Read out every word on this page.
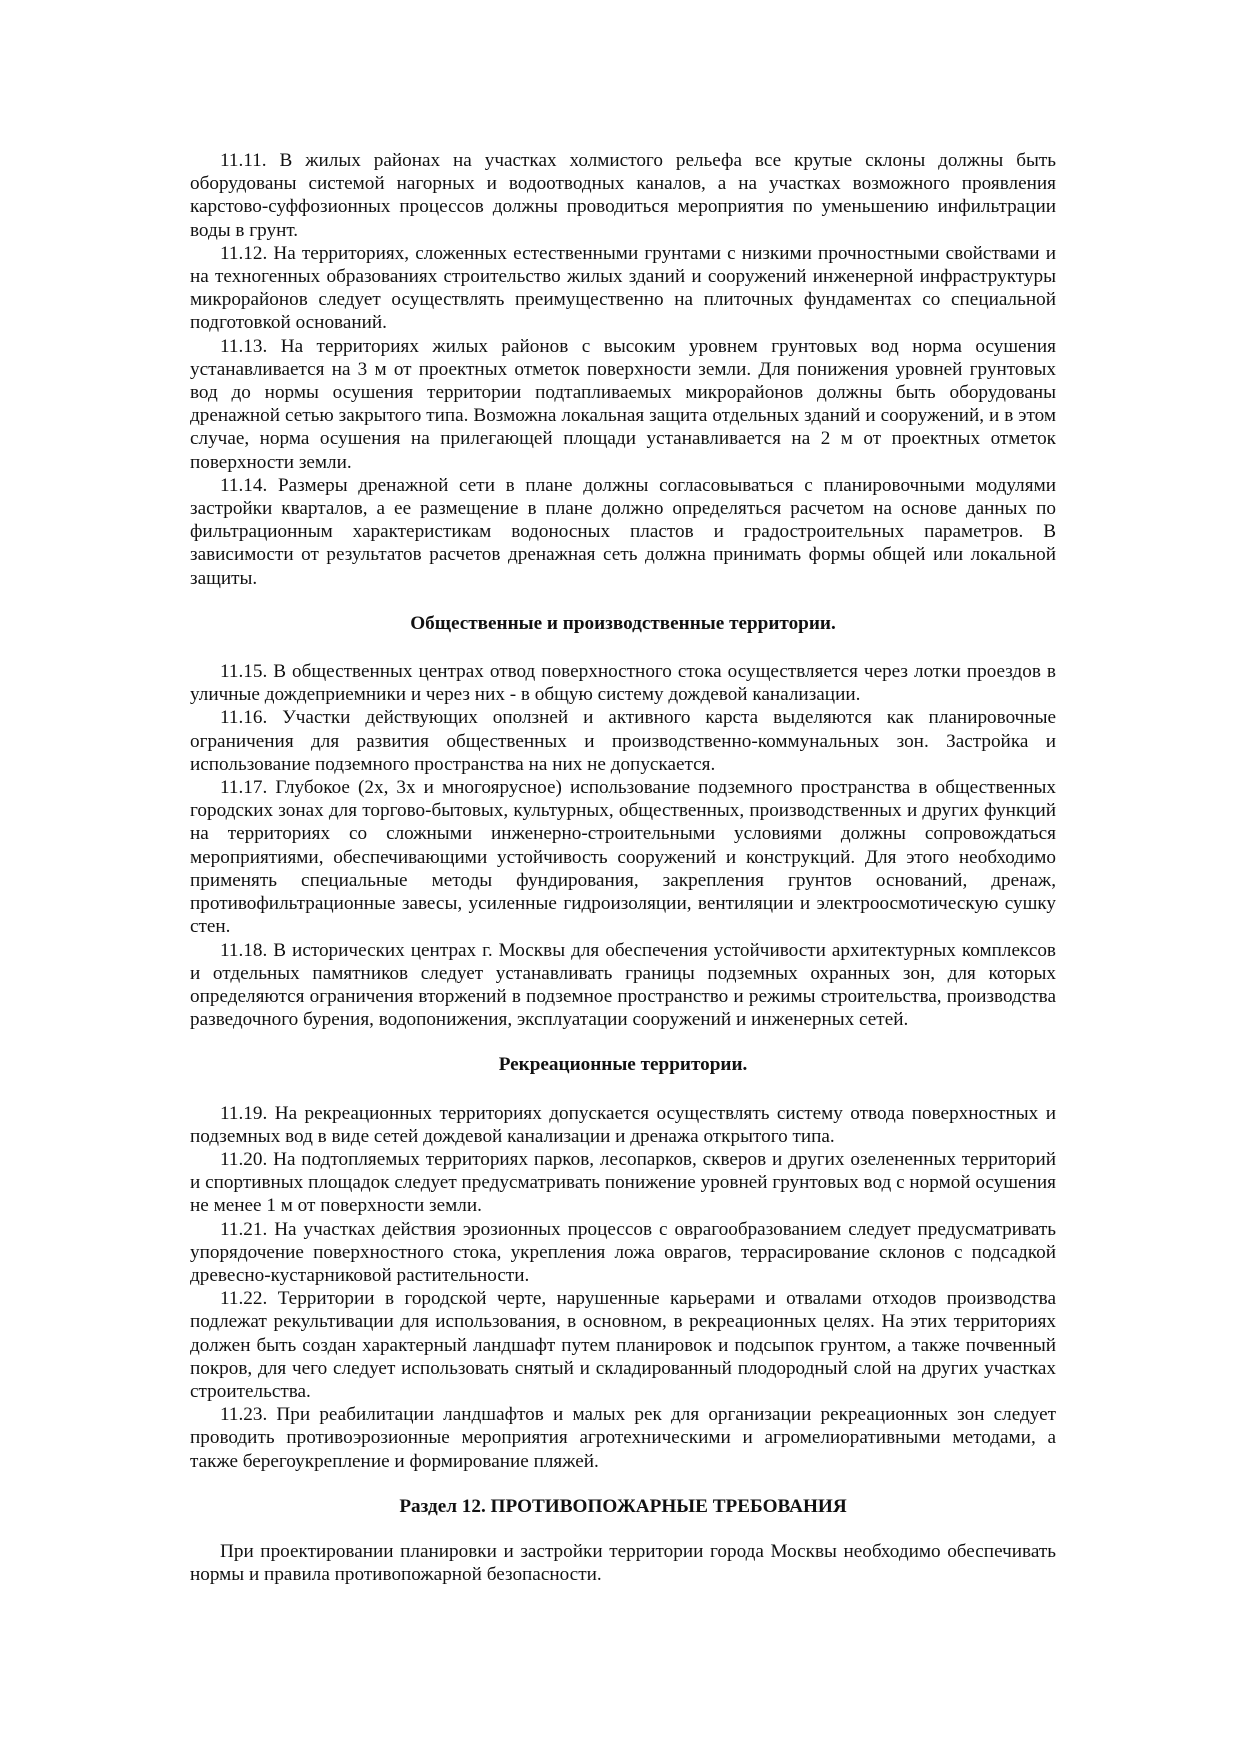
11.11. В жилых районах на участках холмистого рельефа все крутые склоны должны быть оборудованы системой нагорных и водоотводных каналов, а на участках возможного проявления карстово-суффозионных процессов должны проводиться мероприятия по уменьшению инфильтрации воды в грунт.

11.12. На территориях, сложенных естественными грунтами с низкими прочностными свойствами и на техногенных образованиях строительство жилых зданий и сооружений инженерной инфраструктуры микрорайонов следует осуществлять преимущественно на плиточных фундаментах со специальной подготовкой оснований.

11.13. На территориях жилых районов с высоким уровнем грунтовых вод норма осушения устанавливается на 3 м от проектных отметок поверхности земли. Для понижения уровней грунтовых вод до нормы осушения территории подтапливаемых микрорайонов должны быть оборудованы дренажной сетью закрытого типа. Возможна локальная защита отдельных зданий и сооружений, и в этом случае, норма осушения на прилегающей площади устанавливается на 2 м от проектных отметок поверхности земли.

11.14. Размеры дренажной сети в плане должны согласовываться с планировочными модулями застройки кварталов, а ее размещение в плане должно определяться расчетом на основе данных по фильтрационным характеристикам водоносных пластов и градостроительных параметров. В зависимости от результатов расчетов дренажная сеть должна принимать формы общей или локальной защиты.

Общественные и производственные территории.

11.15. В общественных центрах отвод поверхностного стока осуществляется через лотки проездов в уличные дождеприемники и через них - в общую систему дождевой канализации.

11.16. Участки действующих оползней и активного карста выделяются как планировочные ограничения для развития общественных и производственно-коммунальных зон. Застройка и использование подземного пространства на них не допускается.

11.17. Глубокое (2х, 3х и многоярусное) использование подземного пространства в общественных городских зонах для торгово-бытовых, культурных, общественных, производственных и других функций на территориях со сложными инженерно-строительными условиями должны сопровождаться мероприятиями, обеспечивающими устойчивость сооружений и конструкций. Для этого необходимо применять специальные методы фундирования, закрепления грунтов оснований, дренаж, противофильтрационные завесы, усиленные гидроизоляции, вентиляции и электроосмотическую сушку стен.

11.18. В исторических центрах г. Москвы для обеспечения устойчивости архитектурных комплексов и отдельных памятников следует устанавливать границы подземных охранных зон, для которых определяются ограничения вторжений в подземное пространство и режимы строительства, производства разведочного бурения, водопонижения, эксплуатации сооружений и инженерных сетей.

Рекреационные территории.

11.19. На рекреационных территориях допускается осуществлять систему отвода поверхностных и подземных вод в виде сетей дождевой канализации и дренажа открытого типа.

11.20. На подтопляемых территориях парков, лесопарков, скверов и других озелененных территорий и спортивных площадок следует предусматривать понижение уровней грунтовых вод с нормой осушения не менее 1 м от поверхности земли.

11.21. На участках действия эрозионных процессов с оврагообразованием следует предусматривать упорядочение поверхностного стока, укрепления ложа оврагов, террасирование склонов с подсадкой древесно-кустарниковой растительности.

11.22. Территории в городской черте, нарушенные карьерами и отвалами отходов производства подлежат рекультивации для использования, в основном, в рекреационных целях. На этих территориях должен быть создан характерный ландшафт путем планировок и подсыпок грунтом, а также почвенный покров, для чего следует использовать снятый и складированный плодородный слой на других участках строительства.

11.23. При реабилитации ландшафтов и малых рек для организации рекреационных зон следует проводить противоэрозионные мероприятия агротехническими и агромелиоративными методами, а также берегоукрепление и формирование пляжей.

Раздел 12. ПРОТИВОПОЖАРНЫЕ ТРЕБОВАНИЯ

При проектировании планировки и застройки территории города Москвы необходимо обеспечивать нормы и правила противопожарной безопасности.
